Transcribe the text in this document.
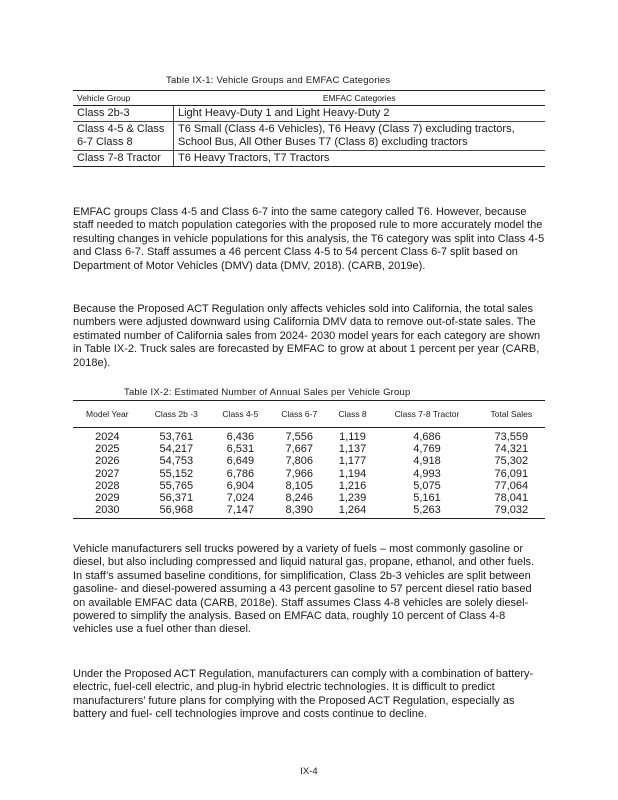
Table IX-1: Vehicle Groups and EMFAC Categories
Vehicle Group	EMFAC Categories
Class 2b-3	Light Heavy-Duty 1 and Light Heavy-Duty 2
Class 4-5 & Class 6-7 Class 8	T6 Small (Class 4-6 Vehicles), T6 Heavy (Class 7) excluding tractors, School Bus, All Other Buses T7 (Class 8) excluding tractors
Class 7-8 Tractor	T6 Heavy Tractors, T7 Tractors

EMFAC groups Class 4-5 and Class 6-7 into the same category called T6. However, because staff needed to match population categories with the proposed rule to more accurately model the resulting changes in vehicle populations for this analysis, the T6 category was split into Class 4-5 and Class 6-7. Staff assumes a 46 percent Class 4-5 to 54 percent Class 6-7 split based on Department of Motor Vehicles (DMV) data (DMV, 2018). (CARB, 2019e).

Because the Proposed ACT Regulation only affects vehicles sold into California, the total sales numbers were adjusted downward using California DMV data to remove out-of-state sales. The estimated number of California sales from 2024- 2030 model years for each category are shown in Table IX-2. Truck sales are forecasted by EMFAC to grow at about 1 percent per year (CARB, 2018e).

Table IX-2: Estimated Number of Annual Sales per Vehicle Group
Model Year	Class 2b -3	Class 4-5	Class 6-7	Class 8	Class 7-8 Tractor	Total Sales
2024	53,761	6,436	7,556	1,119	4,686	73,559
2025	54,217	6,531	7,667	1,137	4,769	74,321
2026	54,753	6,649	7,806	1,177	4,918	75,302
2027	55,152	6,786	7,966	1,194	4,993	76,091
2028	55,765	6,904	8,105	1,216	5,075	77,064
2029	56,371	7,024	8,246	1,239	5,161	78,041
2030	56,968	7,147	8,390	1,264	5,263	79,032

Vehicle manufacturers sell trucks powered by a variety of fuels – most commonly gasoline or diesel, but also including compressed and liquid natural gas, propane, ethanol, and other fuels. In staff’s assumed baseline conditions, for simplification, Class 2b-3 vehicles are split between gasoline- and diesel-powered assuming a 43 percent gasoline to 57 percent diesel ratio based on available EMFAC data (CARB, 2018e). Staff assumes Class 4-8 vehicles are solely diesel-powered to simplify the analysis. Based on EMFAC data, roughly 10 percent of Class 4-8 vehicles use a fuel other than diesel.

Under the Proposed ACT Regulation, manufacturers can comply with a combination of battery-electric, fuel-cell electric, and plug-in hybrid electric technologies. It is difficult to predict manufacturers’ future plans for complying with the Proposed ACT Regulation, especially as battery and fuel- cell technologies improve and costs continue to decline.

IX-4
